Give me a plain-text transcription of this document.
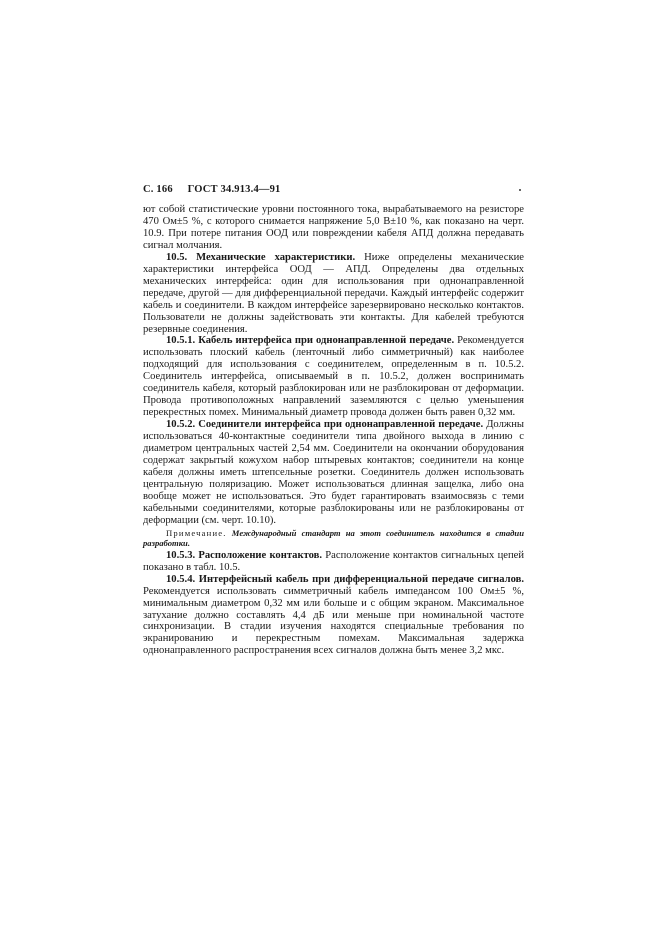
С. 166 ГОСТ 34.913.4—91

ют собой статистические уровни постоянного тока, вырабатываемого на резисторе 470 Ом±5 %, с которого снимается напряжение 5,0 В±10 %, как показано на черт. 10.9. При потере питания ООД или повреждении кабеля АПД должна передавать сигнал молчания.

10.5. Механические характеристики. Ниже определены механические характеристики интерфейса ООД — АПД. Определены два отдельных механических интерфейса: один для использования при однонаправленной передаче, другой — для дифференциальной передачи. Каждый интерфейс содержит кабель и соединители. В каждом интерфейсе зарезервировано несколько контактов. Пользователи не должны задействовать эти контакты. Для кабелей требуются резервные соединения.

10.5.1. Кабель интерфейса при однонаправленной передаче. Рекомендуется использовать плоский кабель (ленточный либо симметричный) как наиболее подходящий для использования с соединителем, определенным в п. 10.5.2. Соединитель интерфейса, описываемый в п. 10.5.2, должен воспринимать соединитель кабеля, который разблокирован или не разблокирован от деформации. Провода противоположных направлений заземляются с целью уменьшения перекрестных помех. Минимальный диаметр провода должен быть равен 0,32 мм.

10.5.2. Соединители интерфейса при однонаправленной передаче. Должны использоваться 40-контактные соединители типа двойного выхода в линию с диаметром центральных частей 2,54 мм. Соединители на окончании оборудования содержат закрытый кожухом набор штыревых контактов; соединители на конце кабеля должны иметь штепсельные розетки. Соединитель должен использовать центральную поляризацию. Может использоваться длинная защелка, либо она вообще может не использоваться. Это будет гарантировать взаимосвязь с теми кабельными соединителями, которые разблокированы или не разблокированы от деформации (см. черт. 10.10).

Примечание. Международный стандарт на этот соединитель находится в стадии разработки.

10.5.3. Расположение контактов. Расположение контактов сигнальных цепей показано в табл. 10.5.

10.5.4. Интерфейсный кабель при дифференциальной передаче сигналов. Рекомендуется использовать симметричный кабель импедансом 100 Ом±5 %, минимальным диаметром 0,32 мм или больше и с общим экраном. Максимальное затухание должно составлять 4,4 дБ или меньше при номинальной частоте синхронизации. В стадии изучения находятся специальные требования по экранированию и перекрестным помехам. Максимальная задержка однонаправленного распространения всех сигналов должна быть менее 3,2 мкс.
